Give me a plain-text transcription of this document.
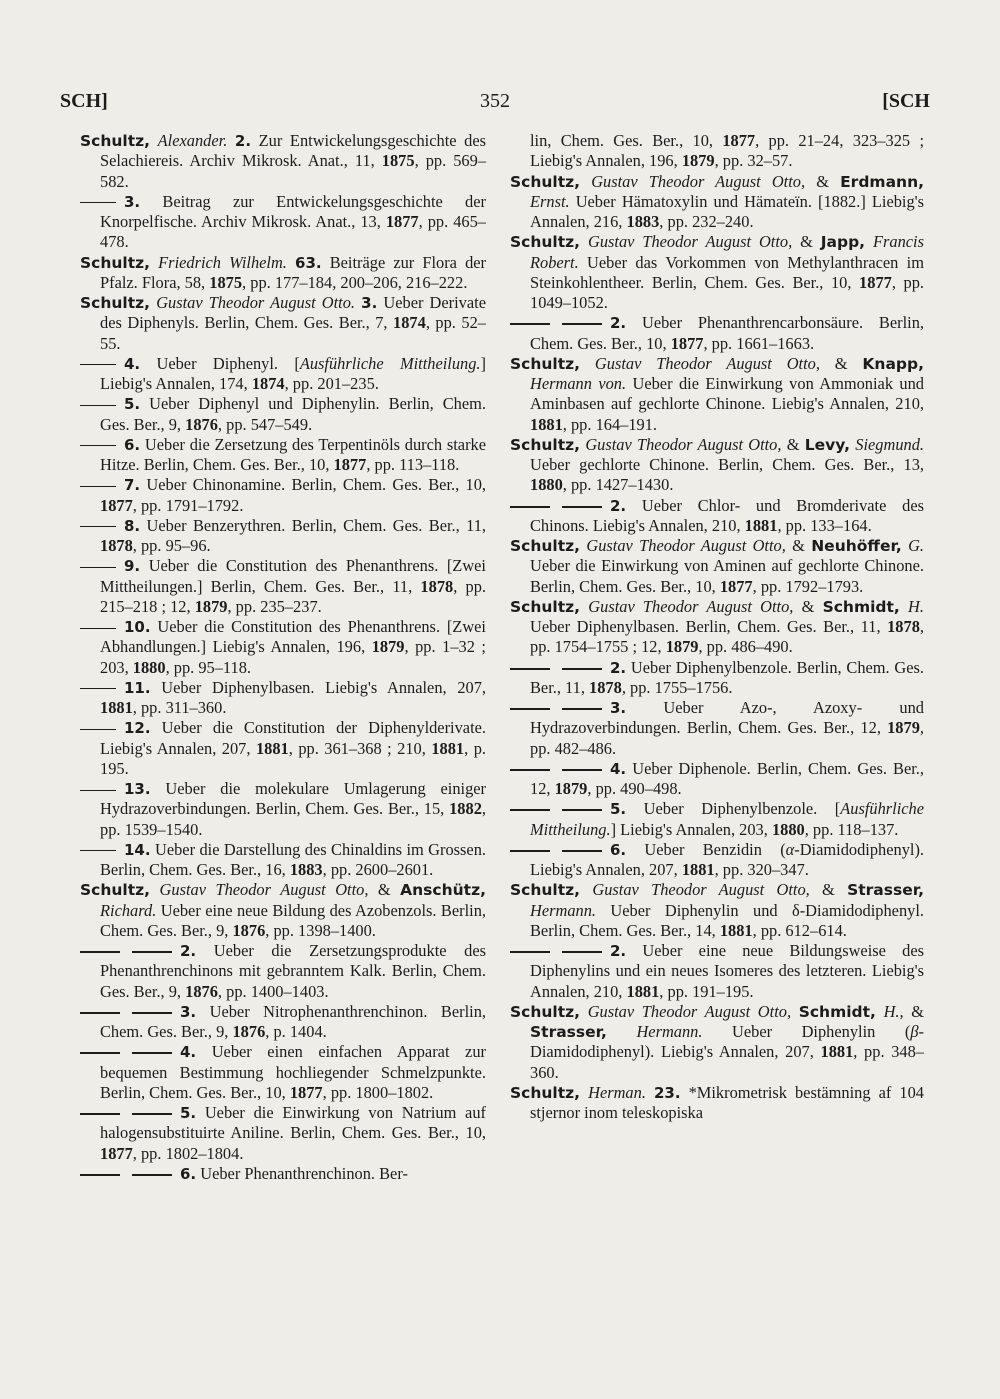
SCH]	352	[SCH

Schultz, Alexander. 2. Zur Entwickelungsgeschichte des Selachiereis. Archiv Mikrosk. Anat., 11, 1875, pp. 569–582.

3. Beitrag zur Entwickelungsgeschichte der Knorpelfische. Archiv Mikrosk. Anat., 13, 1877, pp. 465–478.

Schultz, Friedrich Wilhelm. 63. Beiträge zur Flora der Pfalz. Flora, 58, 1875, pp. 177–184, 200–206, 216–222.

Schultz, Gustav Theodor August Otto. 3. Ueber Derivate des Diphenyls. Berlin, Chem. Ges. Ber., 7, 1874, pp. 52–55.

4. Ueber Diphenyl. [Ausführliche Mittheilung.] Liebig's Annalen, 174, 1874, pp. 201–235.

5. Ueber Diphenyl und Diphenylin. Berlin, Chem. Ges. Ber., 9, 1876, pp. 547–549.

6. Ueber die Zersetzung des Terpentinöls durch starke Hitze. Berlin, Chem. Ges. Ber., 10, 1877, pp. 113–118.

7. Ueber Chinonamine. Berlin, Chem. Ges. Ber., 10, 1877, pp. 1791–1792.

8. Ueber Benzerythren. Berlin, Chem. Ges. Ber., 11, 1878, pp. 95–96.

9. Ueber die Constitution des Phenanthrens. [Zwei Mittheilungen.] Berlin, Chem. Ges. Ber., 11, 1878, pp. 215–218 ; 12, 1879, pp. 235–237.

10. Ueber die Constitution des Phenanthrens. [Zwei Abhandlungen.] Liebig's Annalen, 196, 1879, pp. 1–32 ; 203, 1880, pp. 95–118.

11. Ueber Diphenylbasen. Liebig's Annalen, 207, 1881, pp. 311–360.

12. Ueber die Constitution der Diphenylderivate. Liebig's Annalen, 207, 1881, pp. 361–368 ; 210, 1881, p. 195.

13. Ueber die molekulare Umlagerung einiger Hydrazoverbindungen. Berlin, Chem. Ges. Ber., 15, 1882, pp. 1539–1540.

14. Ueber die Darstellung des Chinaldins im Grossen. Berlin, Chem. Ges. Ber., 16, 1883, pp. 2600–2601.

Schultz, Gustav Theodor August Otto, & Anschütz, Richard. Ueber eine neue Bildung des Azobenzols. Berlin, Chem. Ges. Ber., 9, 1876, pp. 1398–1400.

2. Ueber die Zersetzungsprodukte des Phenanthrenchinons mit gebranntem Kalk. Berlin, Chem. Ges. Ber., 9, 1876, pp. 1400–1403.

3. Ueber Nitrophenanthrenchinon. Berlin, Chem. Ges. Ber., 9, 1876, p. 1404.

4. Ueber einen einfachen Apparat zur bequemen Bestimmung hochliegender Schmelzpunkte. Berlin, Chem. Ges. Ber., 10, 1877, pp. 1800–1802.

5. Ueber die Einwirkung von Natrium auf halogensubstituirte Aniline. Berlin, Chem. Ges. Ber., 10, 1877, pp. 1802–1804.

6. Ueber Phenanthrenchinon. Ber-

lin, Chem. Ges. Ber., 10, 1877, pp. 21–24, 323–325 ; Liebig's Annalen, 196, 1879, pp. 32–57.

Schultz, Gustav Theodor August Otto, & Erdmann, Ernst. Ueber Hämatoxylin und Hämateïn. [1882.] Liebig's Annalen, 216, 1883, pp. 232–240.

Schultz, Gustav Theodor August Otto, & Japp, Francis Robert. Ueber das Vorkommen von Methylanthracen im Steinkohlentheer. Berlin, Chem. Ges. Ber., 10, 1877, pp. 1049–1052.

2. Ueber Phenanthrencarbonsäure. Berlin, Chem. Ges. Ber., 10, 1877, pp. 1661–1663.

Schultz, Gustav Theodor August Otto, & Knapp, Hermann von. Ueber die Einwirkung von Ammoniak und Aminbasen auf gechlorte Chinone. Liebig's Annalen, 210, 1881, pp. 164–191.

Schultz, Gustav Theodor August Otto, & Levy, Siegmund. Ueber gechlorte Chinone. Berlin, Chem. Ges. Ber., 13, 1880, pp. 1427–1430.

2. Ueber Chlor- und Bromderivate des Chinons. Liebig's Annalen, 210, 1881, pp. 133–164.

Schultz, Gustav Theodor August Otto, & Neuhöffer, G. Ueber die Einwirkung von Aminen auf gechlorte Chinone. Berlin, Chem. Ges. Ber., 10, 1877, pp. 1792–1793.

Schultz, Gustav Theodor August Otto, & Schmidt, H. Ueber Diphenylbasen. Berlin, Chem. Ges. Ber., 11, 1878, pp. 1754–1755 ; 12, 1879, pp. 486–490.

2. Ueber Diphenylbenzole. Berlin, Chem. Ges. Ber., 11, 1878, pp. 1755–1756.

3. Ueber Azo-, Azoxy- und Hydrazoverbindungen. Berlin, Chem. Ges. Ber., 12, 1879, pp. 482–486.

4. Ueber Diphenole. Berlin, Chem. Ges. Ber., 12, 1879, pp. 490–498.

5. Ueber Diphenylbenzole. [Ausführliche Mittheilung.] Liebig's Annalen, 203, 1880, pp. 118–137.

6. Ueber Benzidin (α-Diamidodiphenyl). Liebig's Annalen, 207, 1881, pp. 320–347.

Schultz, Gustav Theodor August Otto, & Strasser, Hermann. Ueber Diphenylin und δ-Diamidodiphenyl. Berlin, Chem. Ges. Ber., 14, 1881, pp. 612–614.

2. Ueber eine neue Bildungsweise des Diphenylins und ein neues Isomeres des letzteren. Liebig's Annalen, 210, 1881, pp. 191–195.

Schultz, Gustav Theodor August Otto, Schmidt, H., & Strasser, Hermann. Ueber Diphenylin (β-Diamidodiphenyl). Liebig's Annalen, 207, 1881, pp. 348–360.

Schultz, Herman. 23. *Mikrometrisk bestämning af 104 stjernor inom teleskopiska
